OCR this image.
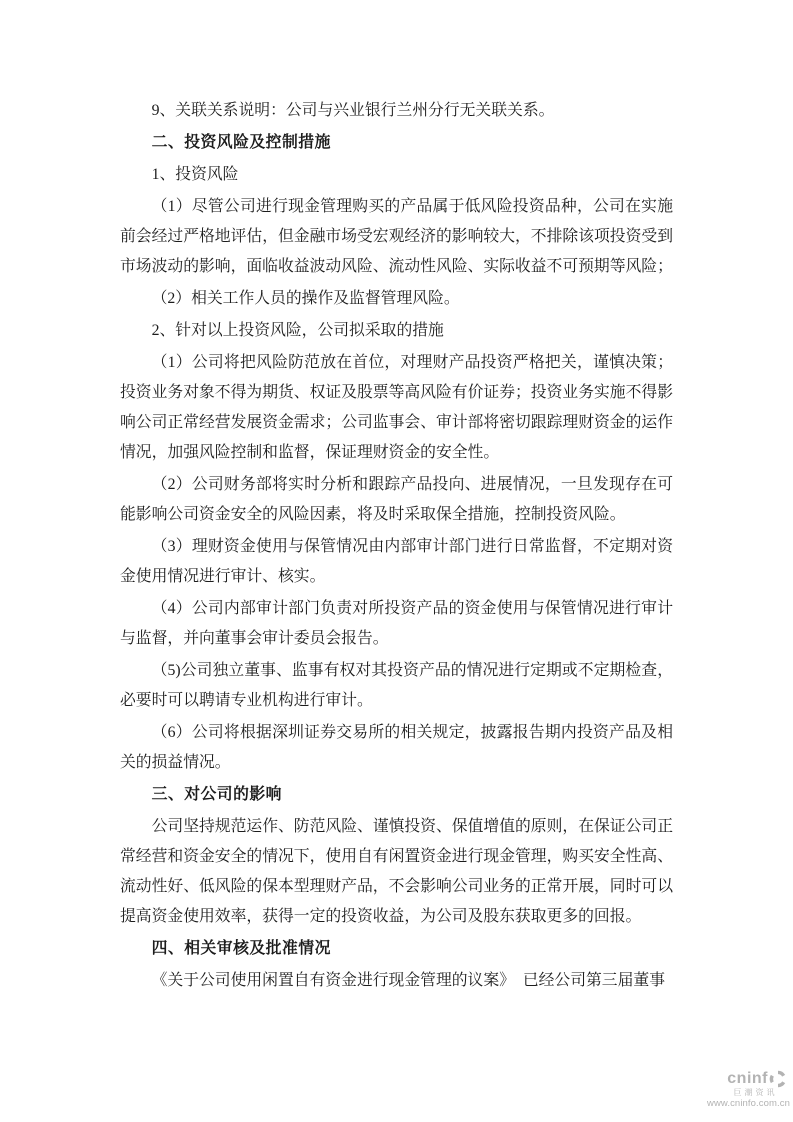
9、关联关系说明：公司与兴业银行兰州分行无关联关系。

二、投资风险及控制措施

1、投资风险

（1）尽管公司进行现金管理购买的产品属于低风险投资品种，公司在实施前会经过严格地评估，但金融市场受宏观经济的影响较大，不排除该项投资受到市场波动的影响，面临收益波动风险、流动性风险、实际收益不可预期等风险；

（2）相关工作人员的操作及监督管理风险。

2、针对以上投资风险，公司拟采取的措施

（1）公司将把风险防范放在首位，对理财产品投资严格把关，谨慎决策；投资业务对象不得为期货、权证及股票等高风险有价证券；投资业务实施不得影响公司正常经营发展资金需求；公司监事会、审计部将密切跟踪理财资金的运作情况，加强风险控制和监督，保证理财资金的安全性。

（2）公司财务部将实时分析和跟踪产品投向、进展情况，一旦发现存在可能影响公司资金安全的风险因素，将及时采取保全措施，控制投资风险。

（3）理财资金使用与保管情况由内部审计部门进行日常监督，不定期对资金使用情况进行审计、核实。

（4）公司内部审计部门负责对所投资产品的资金使用与保管情况进行审计与监督，并向董事会审计委员会报告。

（5)公司独立董事、监事有权对其投资产品的情况进行定期或不定期检查，必要时可以聘请专业机构进行审计。

（6）公司将根据深圳证券交易所的相关规定，披露报告期内投资产品及相关的损益情况。

三、对公司的影响

公司坚持规范运作、防范风险、谨慎投资、保值增值的原则，在保证公司正常经营和资金安全的情况下，使用自有闲置资金进行现金管理，购买安全性高、流动性好、低风险的保本型理财产品，不会影响公司业务的正常开展，同时可以提高资金使用效率，获得一定的投资收益，为公司及股东获取更多的回报。

四、相关审核及批准情况

《关于公司使用闲置自有资金进行现金管理的议案》　已经公司第三届董事

cninf
巨潮资讯
www.cninfo.com.cn
